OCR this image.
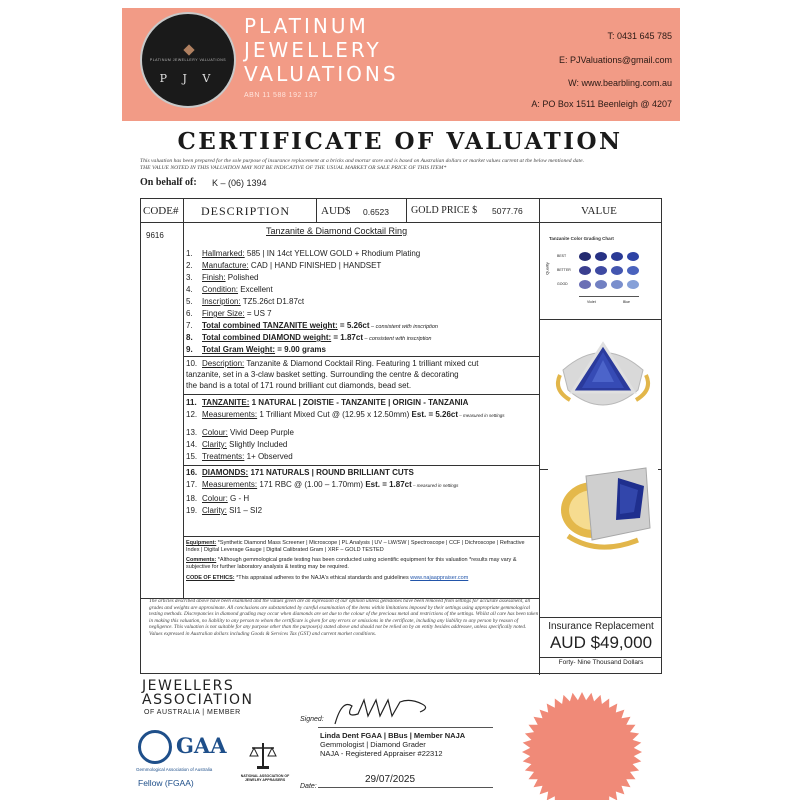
PLATINUM JEWELLERY VALUATIONS
P J V
PLATINUM
JEWELLERY
VALUATIONS
ABN 11 588 192 137
T: 0431 645 785
E: PJValuations@gmail.com
W: www.bearbling.com.au
A: PO Box 1511 Beenleigh @ 4207
CERTIFICATE OF VALUATION
This valuation has been prepared for the sole purpose of insurance replacement at a bricks and mortar store and is based on Australian dollars or market values current at the below mentioned date.
THE VALUE NOTED IN THIS VALUATION MAY NOT BE INDICATIVE OF THE USUAL MARKET OR SALE PRICE OF THIS ITEM*
On behalf of: K – (06) 1394
CODE# DESCRIPTION	AUD$ 0.6523 GOLD PRICE $ 5077.76	VALUE
9616	Tanzanite & Diamond Cocktail Ring
1. Hallmarked: 585 | IN 14ct YELLOW GOLD + Rhodium Plating
2. Manufacture: CAD | HAND FINISHED | HANDSET
3. Finish: Polished
4. Condition: Excellent
5. Inscription: TZ5.26ct D1.87ct
6. Finger Size: = US 7
7. Total combined TANZANITE weight: = 5.26ct – consistent with inscription
8. Total combined DIAMOND weight: = 1.87ct – consistent with inscription
9. Total Gram Weight: = 9.00 grams
10. Description: Tanzanite & Diamond Cocktail Ring. Featuring 1 trilliant mixed cut
tanzanite, set in a 3-claw basket setting. Surrounding the centre & decorating
the band is a total of 171 round brilliant cut diamonds, bead set.
11. TANZANITE: 1 NATURAL | ZOISTIE - TANZANITE | ORIGIN - TANZANIA
12. Measurements: 1 Trilliant Mixed Cut @ (12.95 x 12.50mm) Est. = 5.26ct – measured in settings
13. Colour: Vivid Deep Purple
14. Clarity: Slightly Included
15. Treatments: 1+ Observed
16. DIAMONDS: 171 NATURALS | ROUND BRILLIANT CUTS
17. Measurements: 171 RBC @ (1.00 – 1.70mm) Est. = 1.87ct – measured in settings
18. Colour: G - H
19. Clarity: SI1 – SI2
Equipment: *Synthetic Diamond Mass Screener | Microscope | PL Analysis | UV – LW/SW | Spectroscope | CCF | Dichroscope | Refractive Index | Digital Leverage Gauge | Digital Calibrated Gram | XRF – GOLD TESTED
Comments: *Although gemmological grade testing has been conducted using scientific equipment for this valuation *results may vary & subjective for further laboratory analysis & testing may be required.
CODE OF ETHICS: *This appraisal adheres to the NAJA's ethical standards and guidelines www.najaappraiser.com
The articles described above have been examined and the values given are an expression of our opinion unless gemstones have been removed from settings for accurate assessment, all grades and weights are approximate. All conclusions are substantiated by careful examination of the items within limitations imposed by their settings using appropriate gemmological testing methods. Discrepancies in diamond grading may occur when diamonds are set due to the colour of the precious metal and restrictions of the settings. Whilst all care has been taken in making this valuation, no liability to any person to whom the certificate is given for any errors or omissions in the certificate, including any liability to any person by reason of negligence. This valuation is not suitable for any purpose other than the purpose(s) stated above and should not be relied on by an entity besides addressee, unless specifically noted. Values expressed in Australian dollars including Goods & Services Tax (GST) and current market conditions.
Tanzanite Color Grading Chart
Quality
BEST
BETTER
GOOD
Violet	Blue
Insurance Replacement
AUD $49,000
Forty- Nine Thousand Dollars
JEWELLERS
ASSOCIATION
OF AUSTRALIA | MEMBER
GAA
Gemmological Association of Australia
Fellow (FGAA)
NATIONAL ASSOCIATION OF JEWELRY APPRAISERS
Signed:
Linda Dent FGAA | BBus | Member NAJA
Gemmologist | Diamond Grader
NAJA - Registered Appraiser #22312
Date:
29/07/2025
